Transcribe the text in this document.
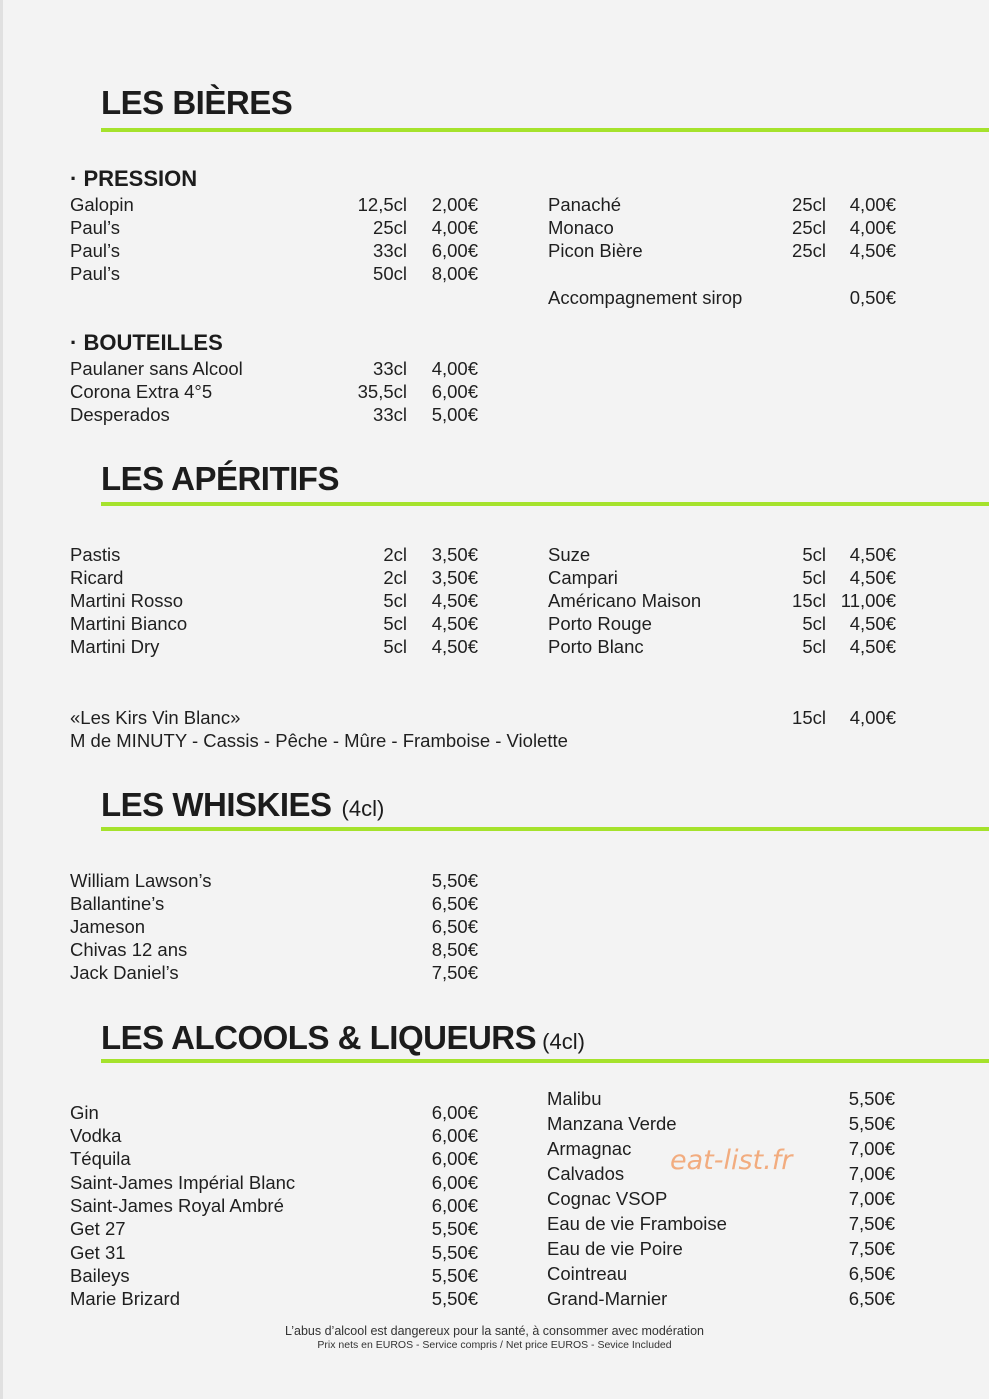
LES BIÈRES
· PRESSION
Galopin	12,5cl	2,00€
Paul’s	25cl	4,00€
Paul’s	33cl	6,00€
Paul’s	50cl	8,00€
Panaché	25cl	4,00€
Monaco	25cl	4,00€
Picon Bière	25cl	4,50€
Accompagnement sirop	0,50€
· BOUTEILLES
Paulaner sans Alcool	33cl	4,00€
Corona Extra 4°5	35,5cl	6,00€
Desperados	33cl	5,00€
LES APÉRITIFS
Pastis	2cl	3,50€
Ricard	2cl	3,50€
Martini Rosso	5cl	4,50€
Martini Bianco	5cl	4,50€
Martini Dry	5cl	4,50€
Suze	5cl	4,50€
Campari	5cl	4,50€
Américano Maison	15cl 11,00€
Porto Rouge	5cl	4,50€
Porto Blanc	5cl	4,50€
«Les Kirs Vin Blanc»	15cl	4,00€
M de MINUTY - Cassis - Pêche - Mûre - Framboise - Violette
LES WHISKIES (4cl)
William Lawson’s	5,50€
Ballantine’s	6,50€
Jameson	6,50€
Chivas 12 ans	8,50€
Jack Daniel’s	7,50€
LES ALCOOLS & LIQUEURS (4cl)
Gin	6,00€
Vodka	6,00€
Téquila	6,00€
Saint-James Impérial Blanc	6,00€
Saint-James Royal Ambré	6,00€
Get 27	5,50€
Get 31	5,50€
Baileys	5,50€
Marie Brizard	5,50€
Malibu	5,50€
Manzana Verde	5,50€
Armagnac	7,00€
Calvados	7,00€
Cognac VSOP	7,00€
Eau de vie Framboise	7,50€
Eau de vie Poire	7,50€
Cointreau	6,50€
Grand-Marnier	6,50€
eat-list.fr
L’abus d’alcool est dangereux pour la santé, à consommer avec modération
Prix nets en EUROS - Service compris / Net price EUROS - Sevice Included
